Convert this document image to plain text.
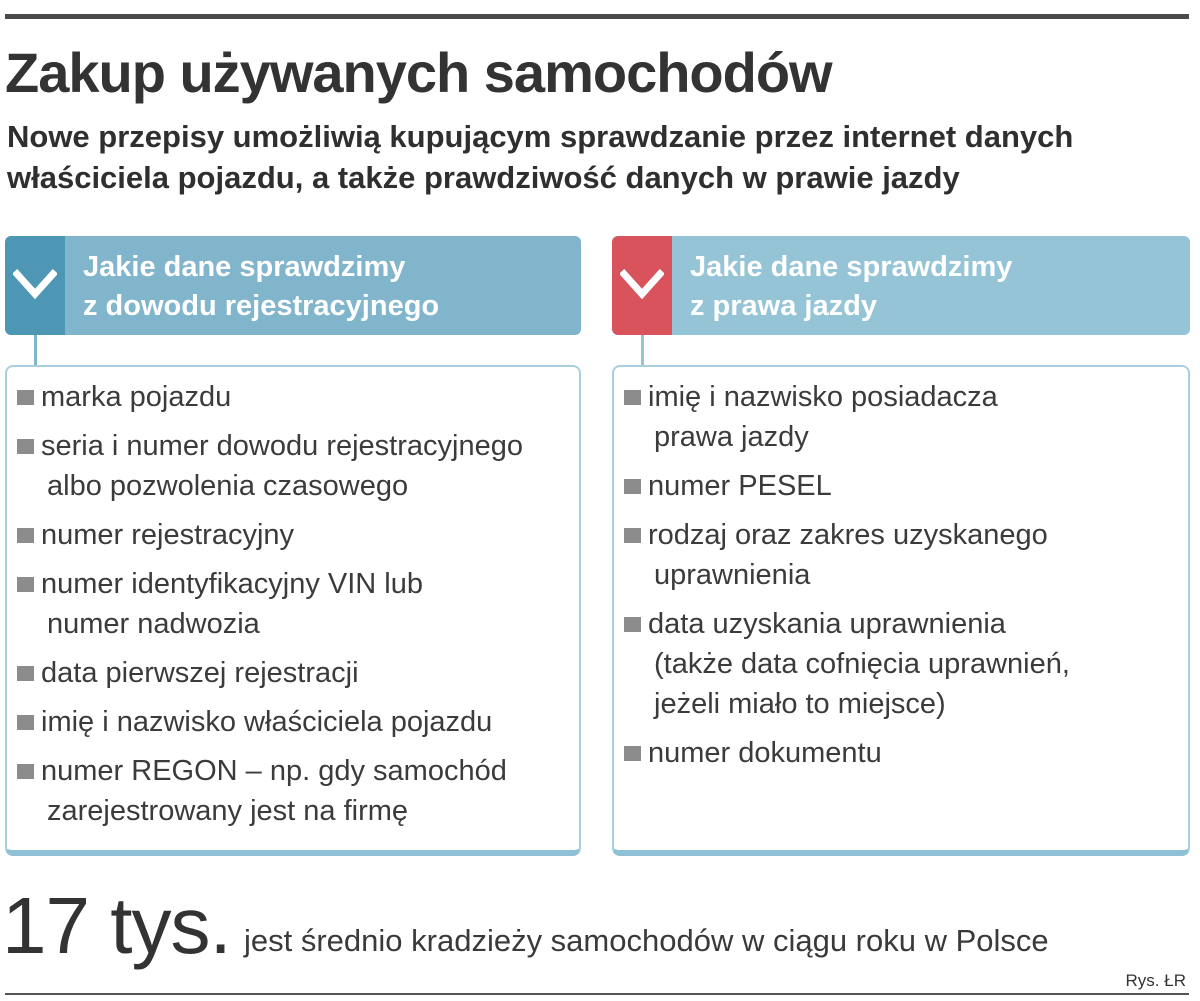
Zakup używanych samochodów

Nowe przepisy umożliwią kupującym sprawdzanie przez internet danych
właściciela pojazdu, a także prawdziwość danych w prawie jazdy

Jakie dane sprawdzimy
z dowodu rejestracyjnego
marka pojazdu
seria i numer dowodu rejestracyjnego
albo pozwolenia czasowego
numer rejestracyjny
numer identyfikacyjny VIN lub
numer nadwozia
data pierwszej rejestracji
imię i nazwisko właściciela pojazdu
numer REGON – np. gdy samochód
zarejestrowany jest na firmę
Jakie dane sprawdzimy
z prawa jazdy
imię i nazwisko posiadacza
prawa jazdy
numer PESEL
rodzaj oraz zakres uzyskanego
uprawnienia
data uzyskania uprawnienia
(także data cofnięcia uprawnień,
jeżeli miało to miejsce)
numer dokumentu
17 tys. jest średnio kradzieży samochodów w ciągu roku w Polsce
Rys. ŁR
